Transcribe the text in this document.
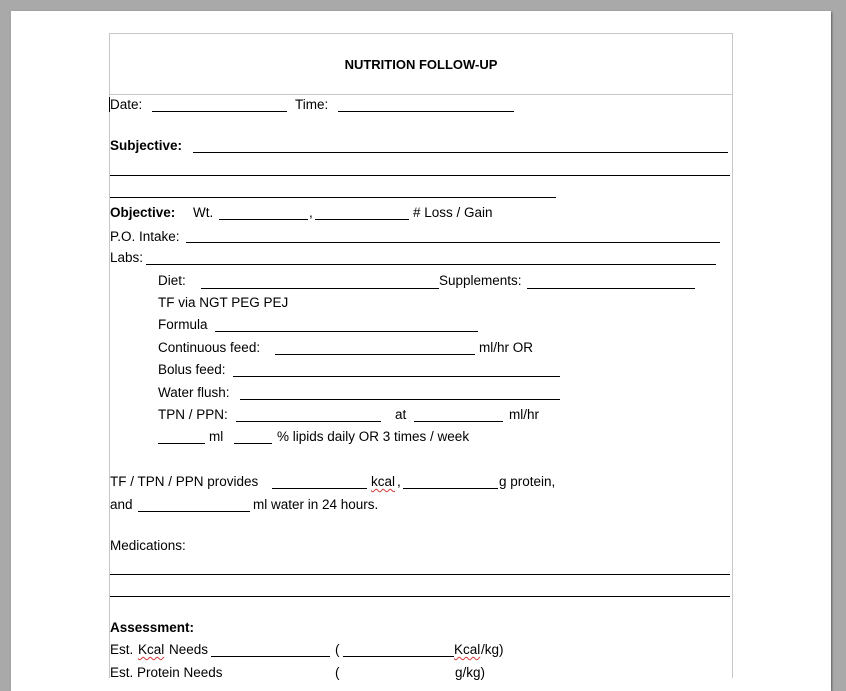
NUTRITION FOLLOW-UP
Date:	Time:
Subjective:
Objective: Wt.	,	# Loss / Gain
P.O. Intake:
Labs:
Diet:	Supplements:
TF via NGT PEG PEJ
Formula
Continuous feed:	ml/hr OR
Bolus feed:
Water flush:
TPN / PPN:	at	ml/hr
ml	% lipids daily OR 3 times / week
TF / TPN / PPN provides	kcal ,	g protein,
and	ml water in 24 hours.
Medications:
Assessment:
Est. Kcal Needs	(	Kcal /kg)
Est. Protein Needs	(	g/kg)
